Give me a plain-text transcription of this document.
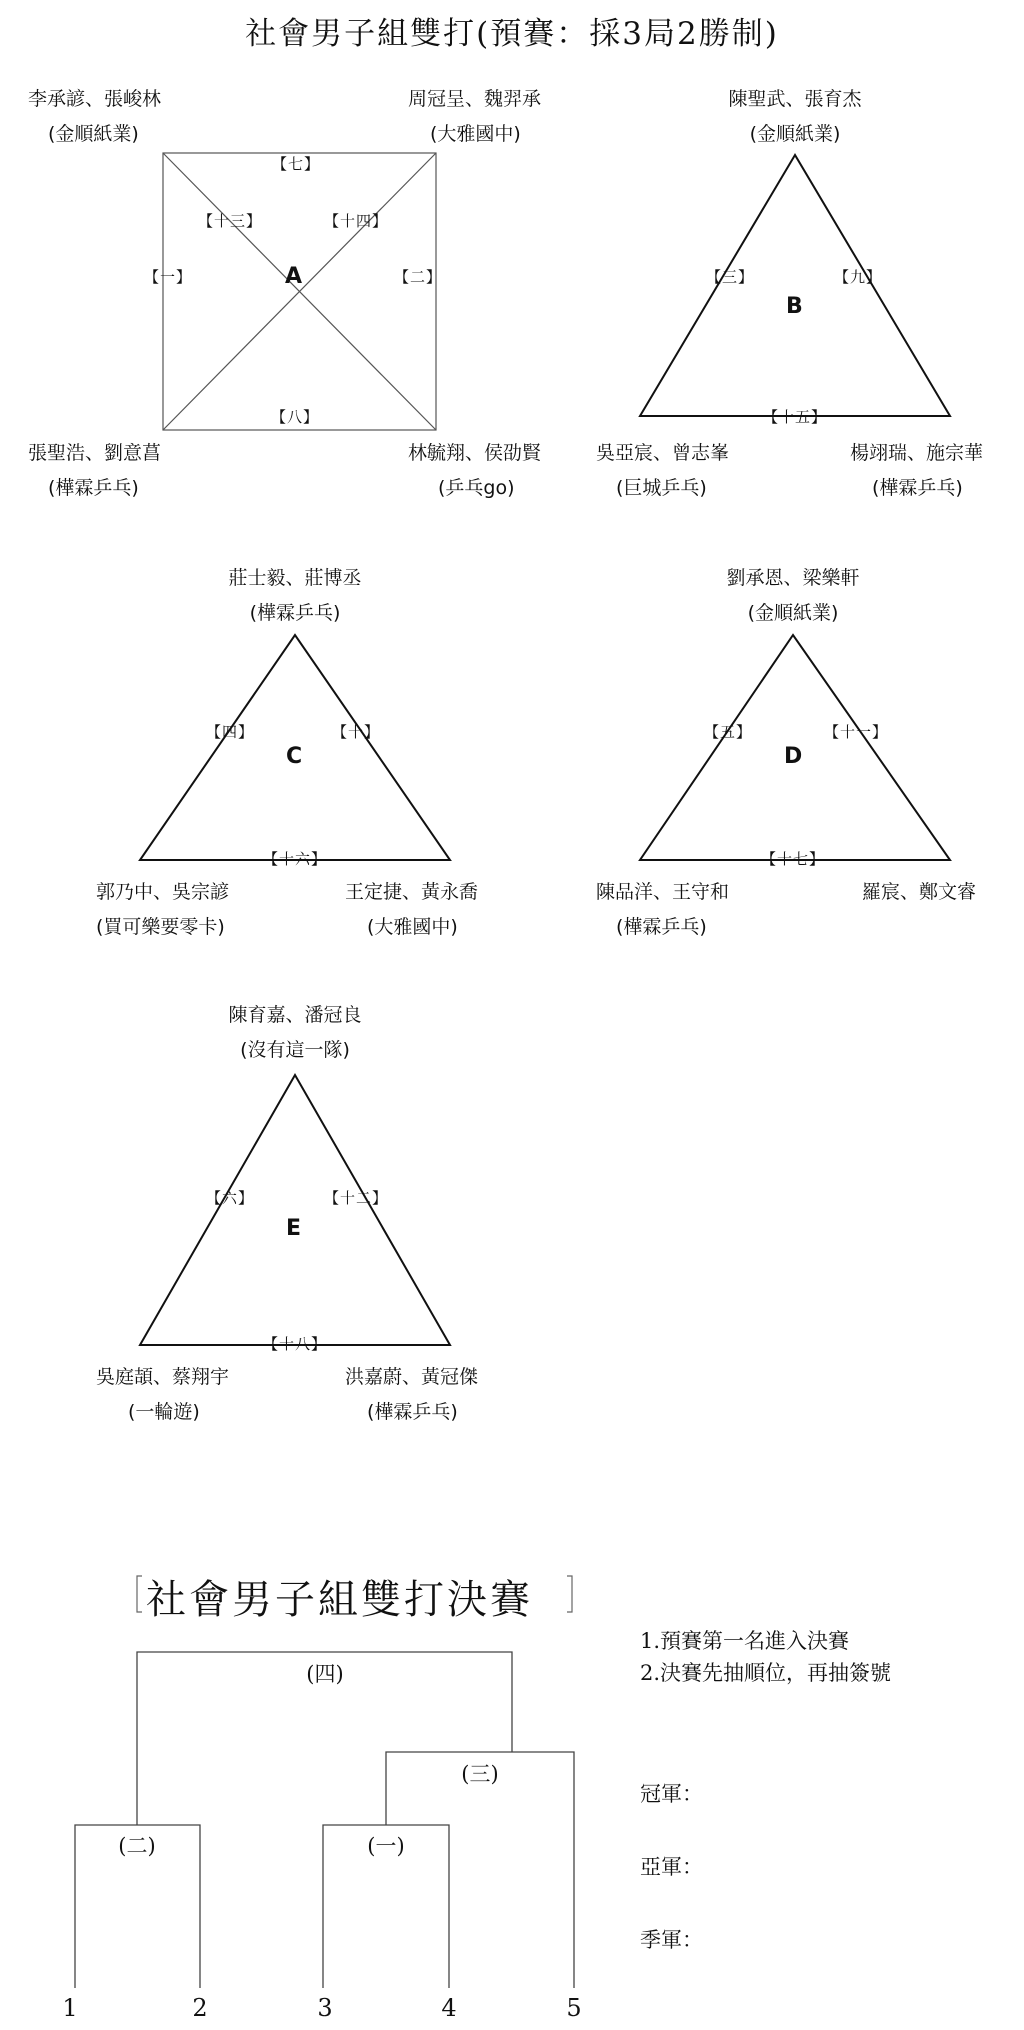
社會男子組雙打(預賽：採3局2勝制)
李承諺、張峻林
(金順紙業)
周冠呈、魏羿承
(大雅國中)
張聖浩、劉意菖
(樺霖乒乓)
林毓翔、侯劭賢
(乒乓go)
A
【七】
【十三】	【十四】
【一】	【二】
【八】
陳聖武、張育杰
(金順紙業)
吳亞宸、曾志峯
(巨城乒乓)
楊翊瑞、施宗華
(樺霖乒乓)
B
【三】	【九】
【十五】
莊士毅、莊博丞
(樺霖乒乓)
郭乃中、吳宗諺
(買可樂要零卡)
王定捷、黃永喬
(大雅國中)
C
【四】	【十】
【十六】
劉承恩、梁樂軒
(金順紙業)
陳品洋、王守和
(樺霖乒乓)
羅宸、鄭文睿
D
【五】	【十一】
【十七】
陳育嘉、潘冠良
(沒有這一隊)
吳庭頡、蔡翔宇
(一輪遊)
洪嘉蔚、黃冠傑
(樺霖乒乓)
E
【六】	【十二】
【十八】
社會男子組雙打決賽
1.預賽第一名進入決賽
2.決賽先抽順位，再抽簽號
(四)
(三)
(二)	(一)
1	2	3	4	5
冠軍：
亞軍：
季軍：
